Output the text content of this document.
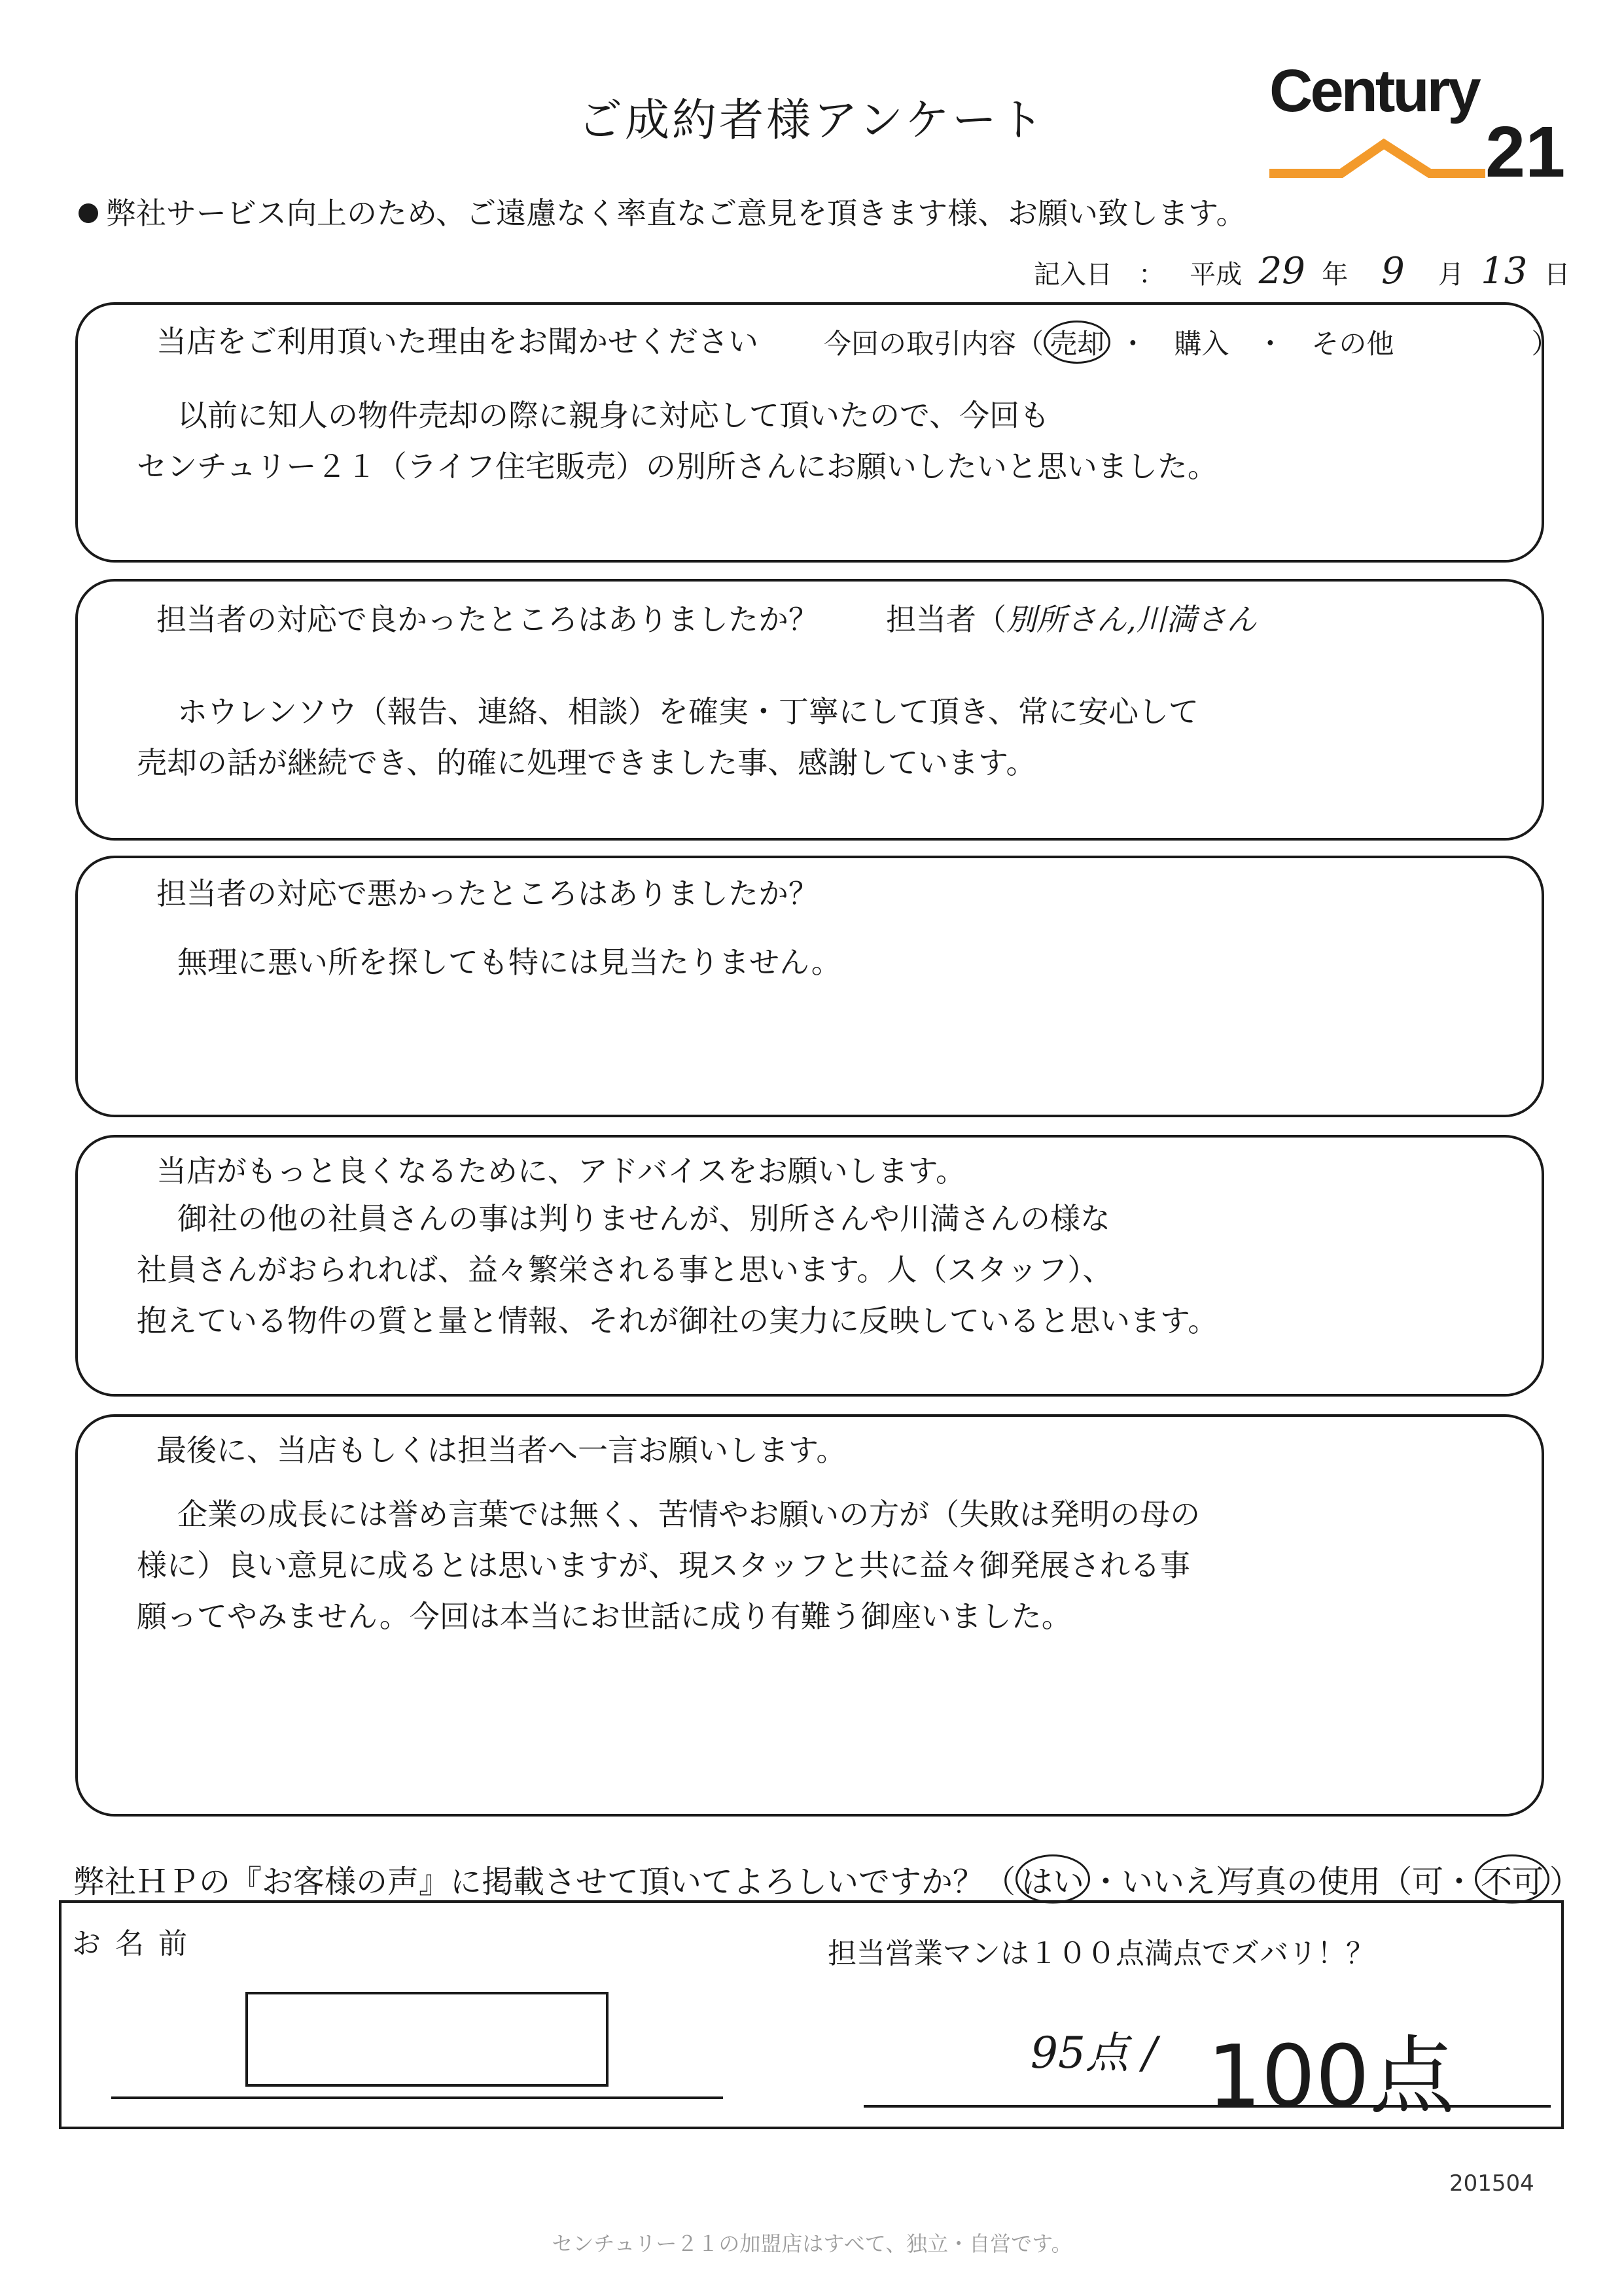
ご成約者様アンケート	Century
21
弊社サービス向上のため、ご遠慮なく率直なご意見を頂きます様、お願い致します。
記入日　： 平成 29 年 9 月 13 日
当店をご利用頂いた理由をお聞かせください 今回の取引内容（ 売却 ・　購入　・　その他	）
以前に知人の物件売却の際に親身に対応して頂いたので、今回も
センチュリー２１（ライフ住宅販売）の別所さんにお願いしたいと思いました。
担当者の対応で良かったところはありましたか？ 担当者（別所さん,川満さん
ホウレンソウ（報告、連絡、相談）を確実・丁寧にして頂き、常に安心して
売却の話が継続でき、的確に処理できました事、感謝しています。
担当者の対応で悪かったところはありましたか？
無理に悪い所を探しても特には見当たりません。
当店がもっと良くなるために、アドバイスをお願いします。
御社の他の社員さんの事は判りませんが、別所さんや川満さんの様な
社員さんがおられれば、益々繁栄される事と思います。人（スタッフ）、
抱えている物件の質と量と情報、それが御社の実力に反映していると思います。
最後に、当店もしくは担当者へ一言お願いします。
企業の成長には誉め言葉では無く、苦情やお願いの方が（失敗は発明の母の
様に）良い意見に成るとは思いますが、現スタッフと共に益々御発展される事
願ってやみません。今回は本当にお世話に成り有難う御座いました。
弊社ＨＰの『お客様の声』に掲載させて頂いてよろしいですか？（ はい ・いいえ）
写真の使用（可・ 不可 ）
お名前	担当営業マンは１００点満点でズバリ！？
95点 / 100点
201504
センチュリー２１の加盟店はすべて、独立・自営です。
